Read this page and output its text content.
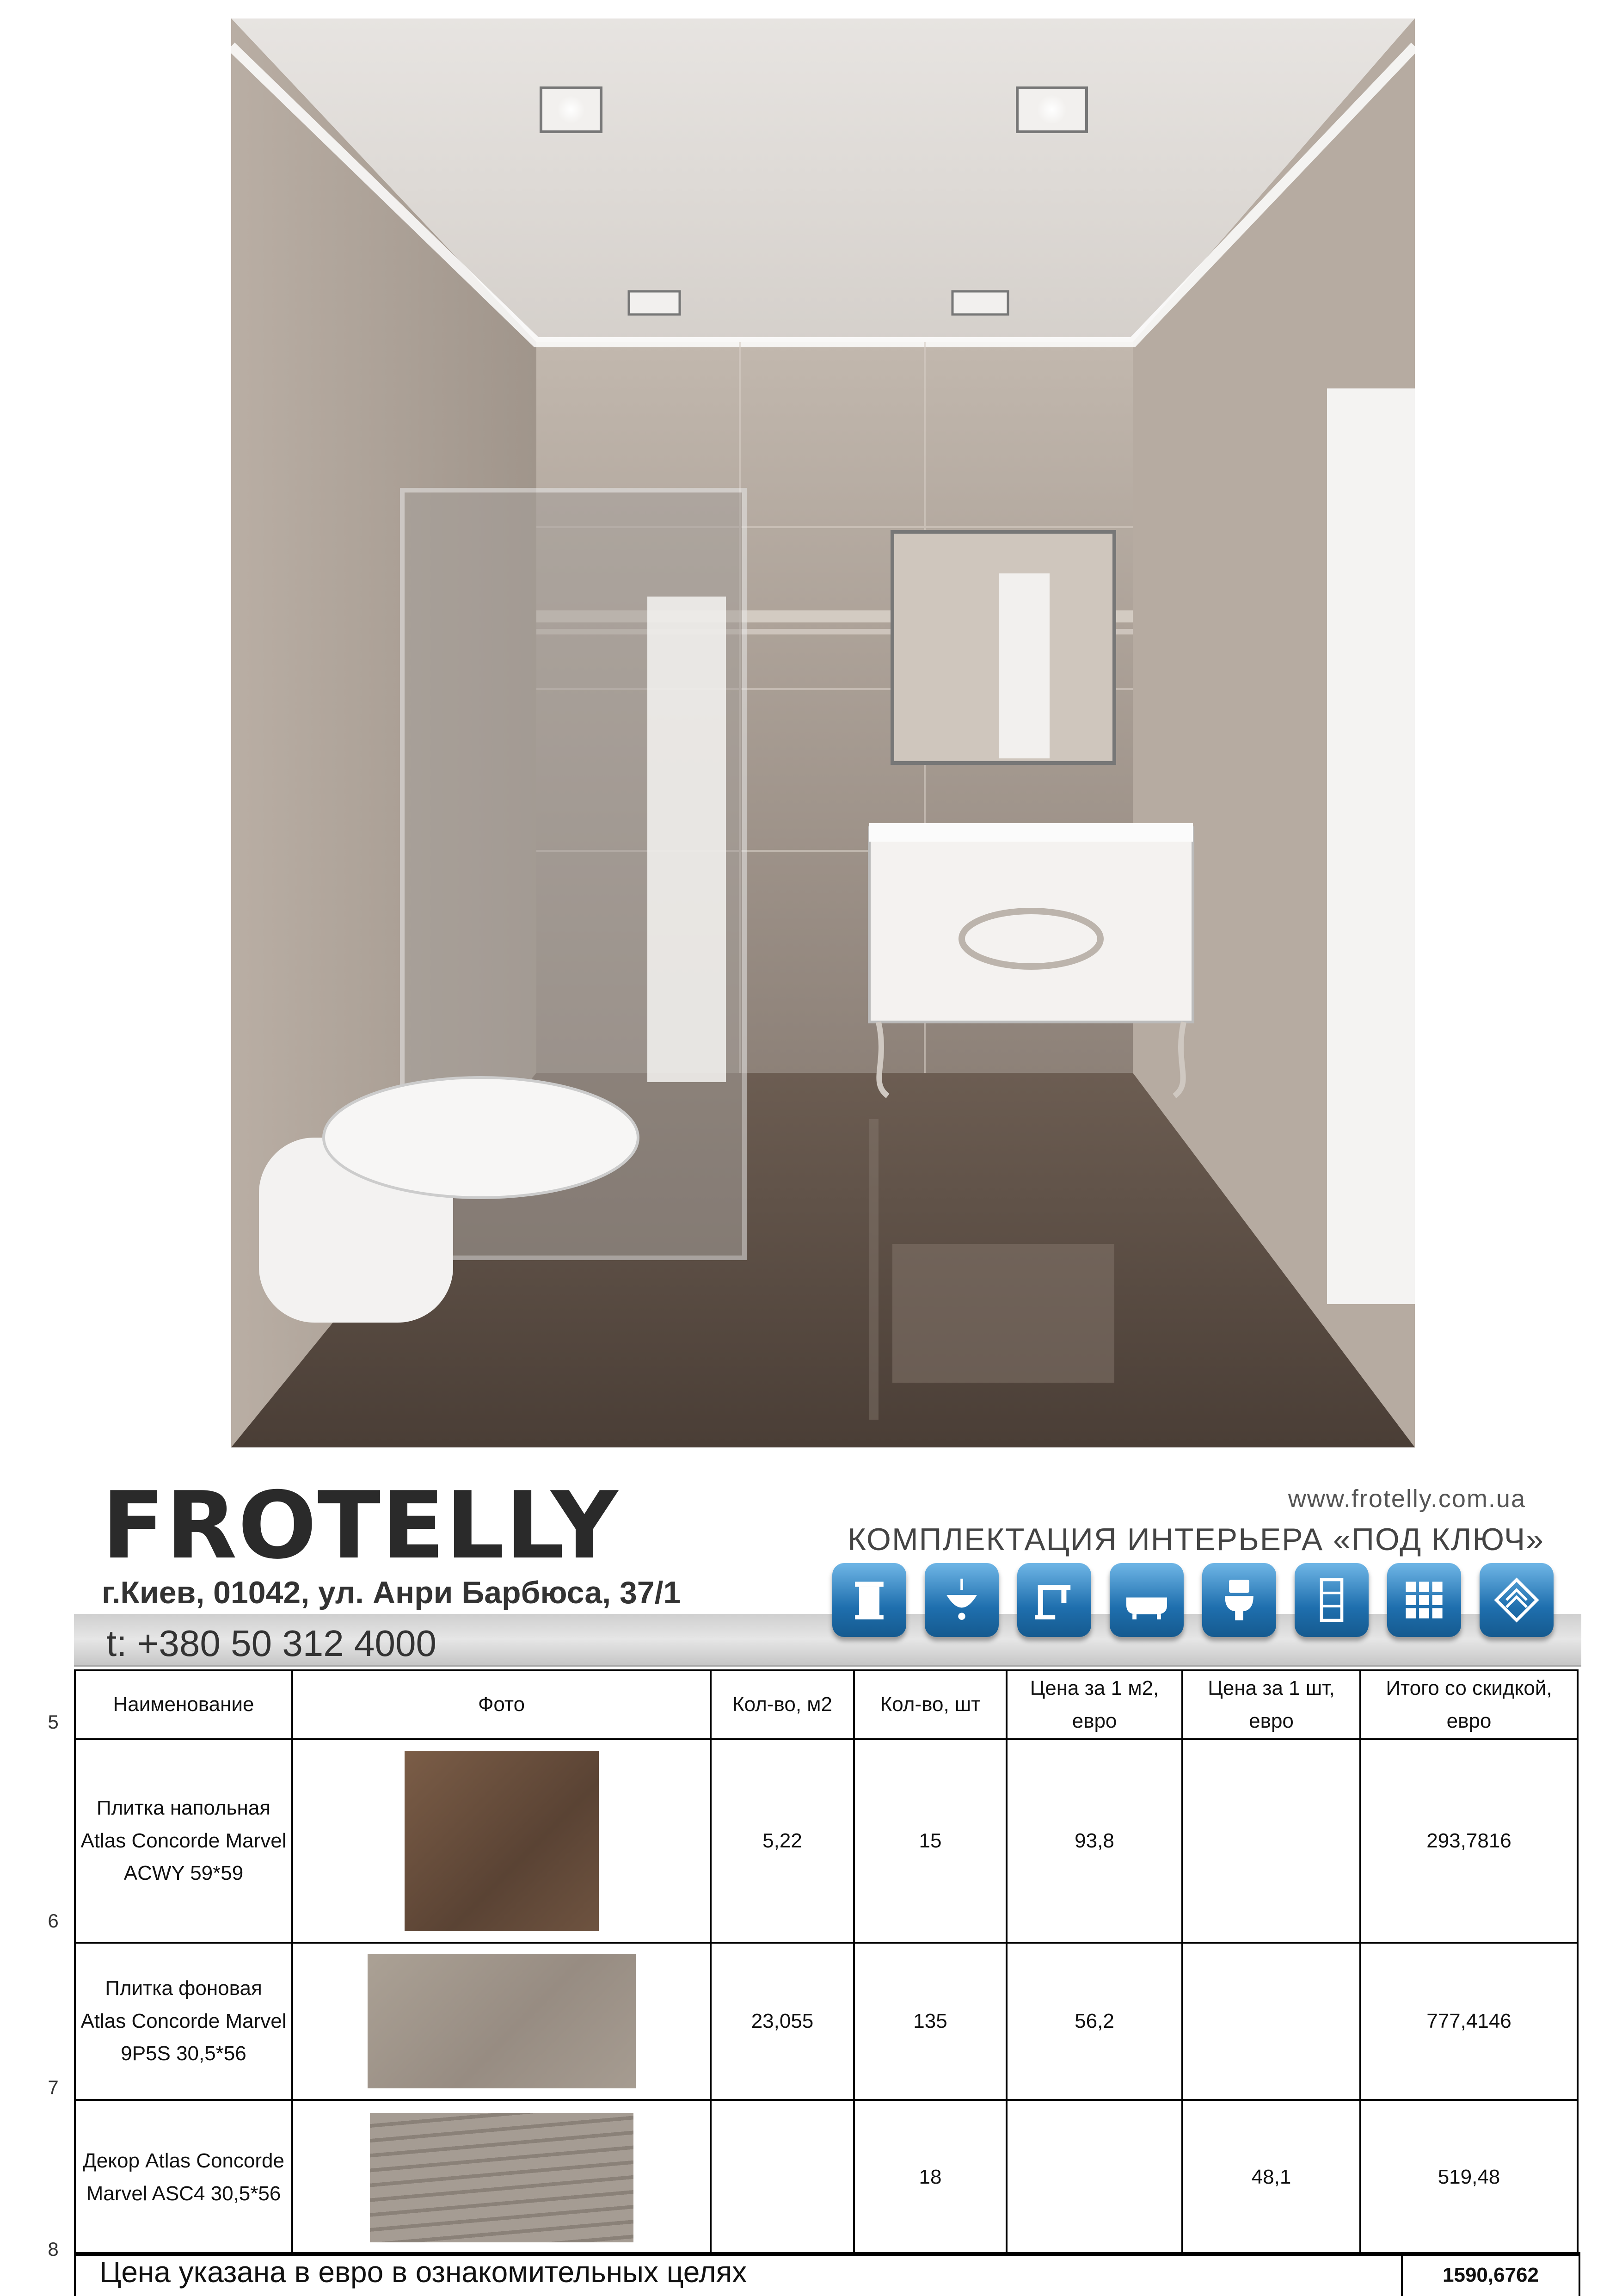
FROTELLY
г.Киев, 01042, ул. Анри Барбюса, 37/1
www.frotelly.com.ua
КОМПЛЕКТАЦИЯ ИНТЕРЬЕРА «ПОД КЛЮЧ»
t: +380 50 312 4000
5
6
7
8
Наименование	Фото	Кол-во, м2	Кол-во, шт	Цена за 1 м2, евро	Цена за 1 шт, евро	Итого со скидкой, евро
Плитка напольная Atlas Concorde Marvel ACWY 59*59		5,22	15	93,8		293,7816
Плитка фоновая Atlas Concorde Marvel 9P5S 30,5*56		23,055	135	56,2		777,4146
Декор Atlas Concorde Marvel ASC4 30,5*56			18		48,1	519,48
Цена указана в евро в ознакомительных целях	1590,6762
